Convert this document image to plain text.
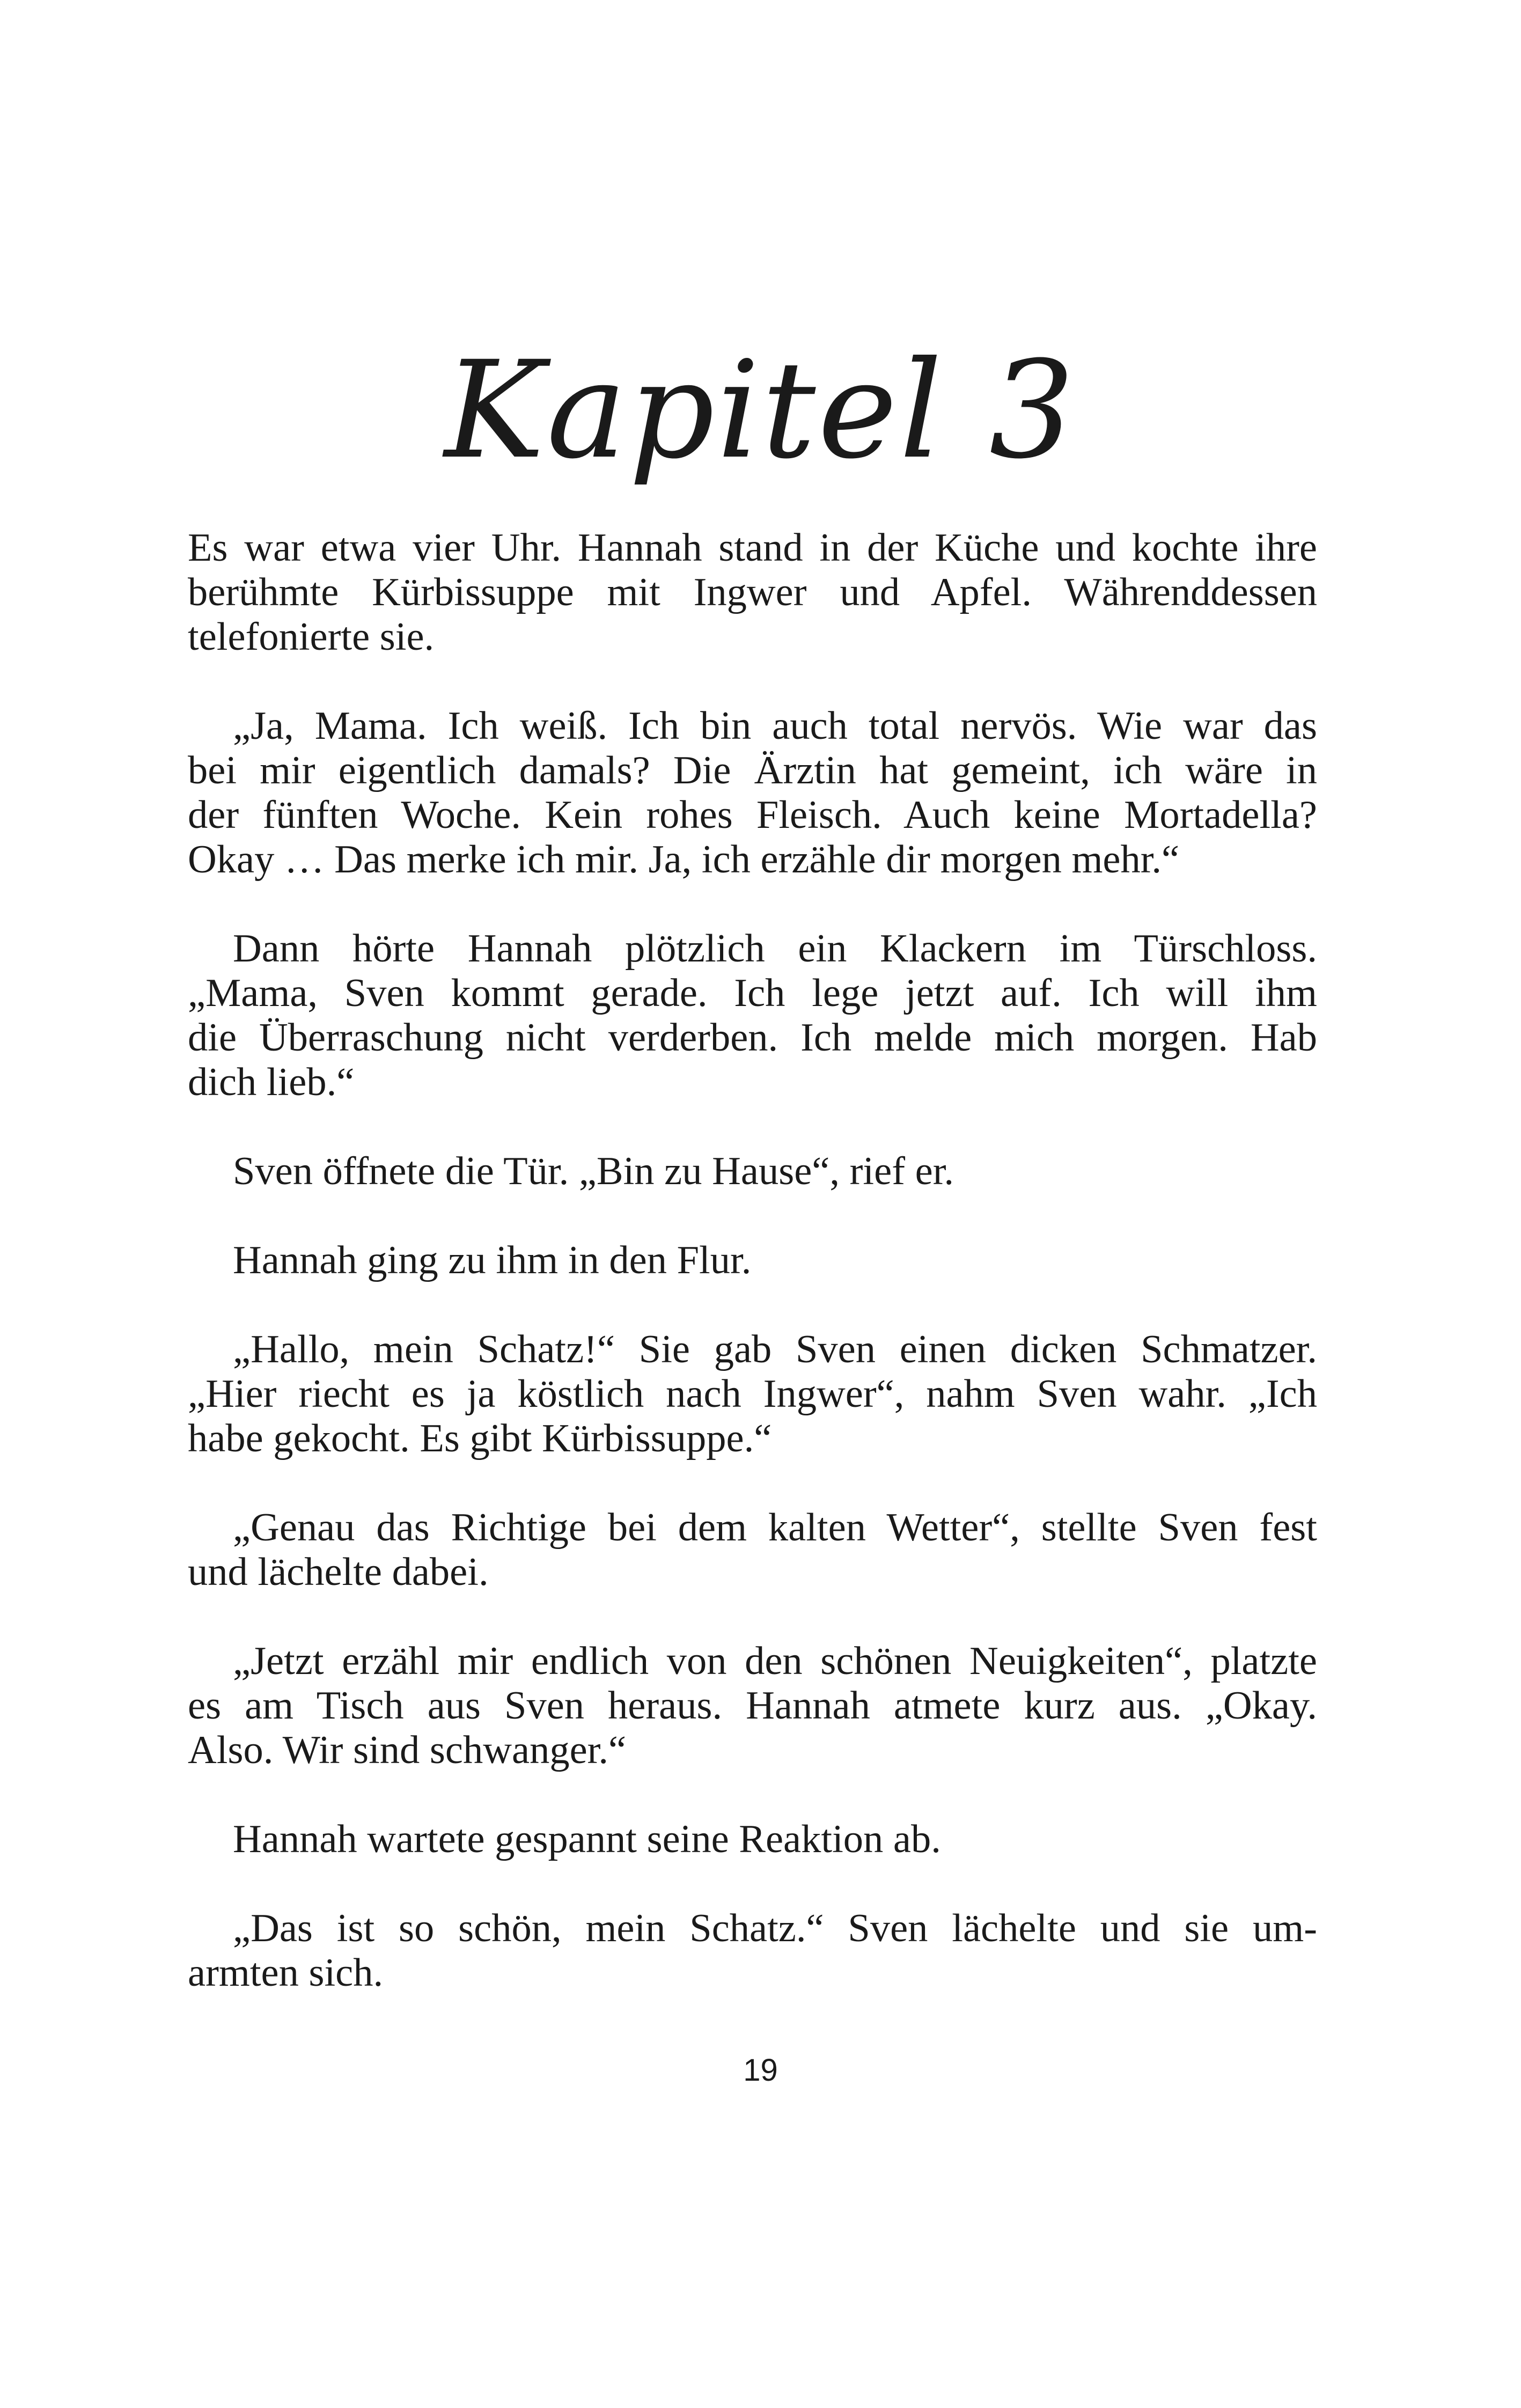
Kapitel 3

Es war etwa vier Uhr. Hannah stand in der Küche und kochte ihre
berühmte Kürbissuppe mit Ingwer und Apfel. Währenddessen
telefonierte sie.

„Ja, Mama. Ich weiß. Ich bin auch total nervös. Wie war das
bei mir eigentlich damals? Die Ärztin hat gemeint, ich wäre in
der fünften Woche. Kein rohes Fleisch. Auch keine Mortadella?
Okay … Das merke ich mir. Ja, ich erzähle dir morgen mehr.“

Dann hörte Hannah plötzlich ein Klackern im Türschloss.
„Mama, Sven kommt gerade. Ich lege jetzt auf. Ich will ihm
die Überraschung nicht verderben. Ich melde mich morgen. Hab
dich lieb.“

Sven öffnete die Tür. „Bin zu Hause“, rief er.

Hannah ging zu ihm in den Flur.

„Hallo, mein Schatz!“ Sie gab Sven einen dicken Schmatzer.
„Hier riecht es ja köstlich nach Ingwer“, nahm Sven wahr. „Ich
habe gekocht. Es gibt Kürbissuppe.“

„Genau das Richtige bei dem kalten Wetter“, stellte Sven fest
und lächelte dabei.

„Jetzt erzähl mir endlich von den schönen Neuigkeiten“, platzte
es am Tisch aus Sven heraus. Hannah atmete kurz aus. „Okay.
Also. Wir sind schwanger.“

Hannah wartete gespannt seine Reaktion ab.

„Das ist so schön, mein Schatz.“ Sven lächelte und sie um-
armten sich.

19
